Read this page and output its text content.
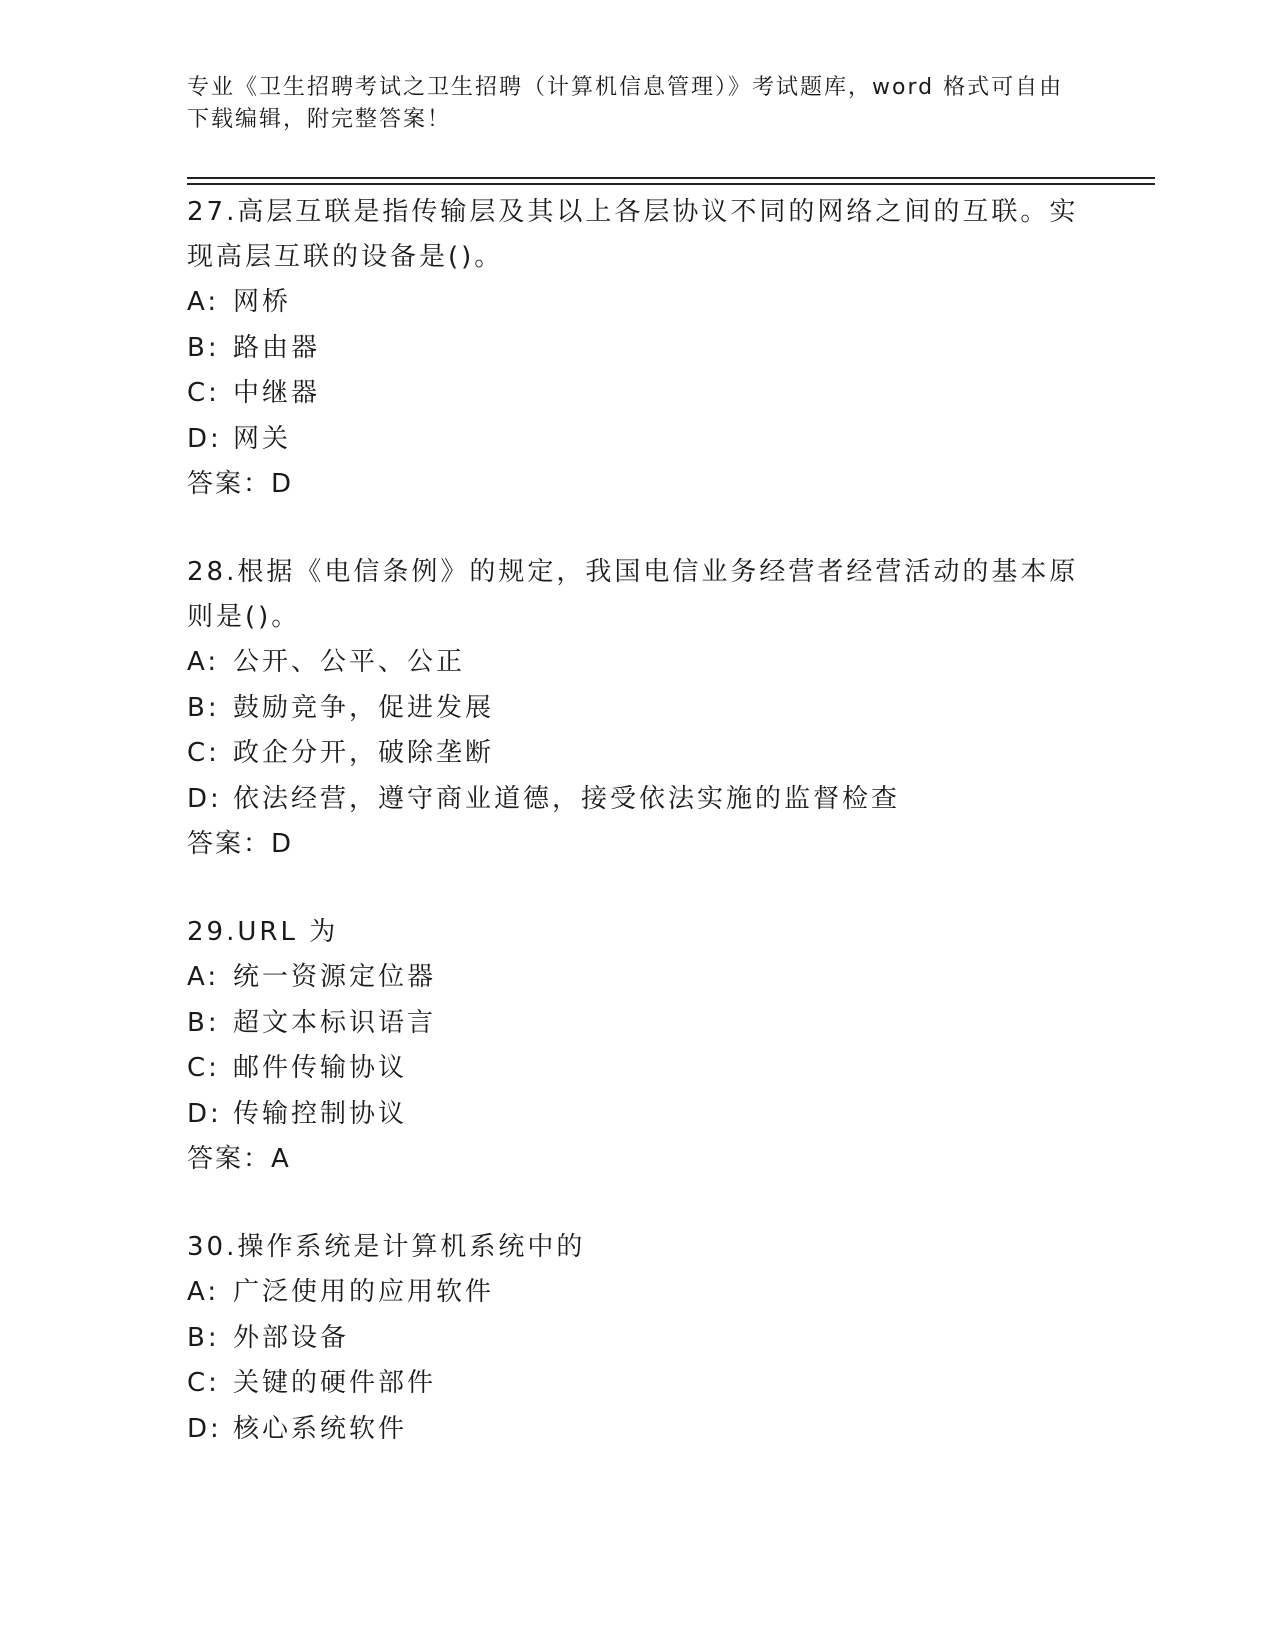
专业《卫生招聘考试之卫生招聘（计算机信息管理）》考试题库，word 格式可自由下载编辑，附完整答案！

27.高层互联是指传输层及其以上各层协议不同的网络之间的互联。实现高层互联的设备是()。

A: 网桥
B: 路由器
C: 中继器
D: 网关

答案：D

28.根据《电信条例》的规定，我国电信业务经营者经营活动的基本原则是()。

A: 公开、公平、公正
B: 鼓励竞争，促进发展
C: 政企分开，破除垄断
D: 依法经营，遵守商业道德，接受依法实施的监督检查

答案：D

29.URL 为

A: 统一资源定位器
B: 超文本标识语言
C: 邮件传输协议
D: 传输控制协议

答案：A

30.操作系统是计算机系统中的

A: 广泛使用的应用软件
B: 外部设备
C: 关键的硬件部件
D: 核心系统软件
